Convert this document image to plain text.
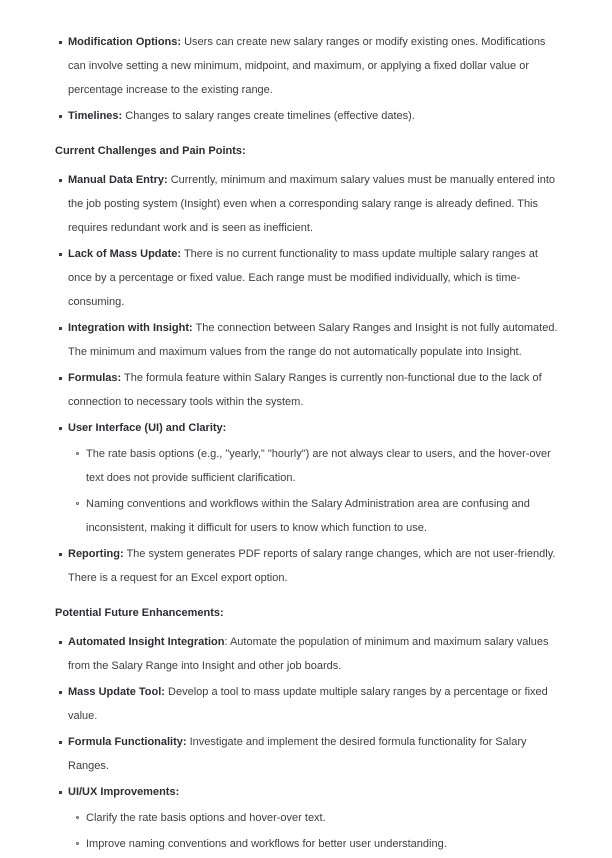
Modification Options: Users can create new salary ranges or modify existing ones. Modifications can involve setting a new minimum, midpoint, and maximum, or applying a fixed dollar value or percentage increase to the existing range.
Timelines: Changes to salary ranges create timelines (effective dates).
Current Challenges and Pain Points:
Manual Data Entry: Currently, minimum and maximum salary values must be manually entered into the job posting system (Insight) even when a corresponding salary range is already defined. This requires redundant work and is seen as inefficient.
Lack of Mass Update: There is no current functionality to mass update multiple salary ranges at once by a percentage or fixed value. Each range must be modified individually, which is time-consuming.
Integration with Insight: The connection between Salary Ranges and Insight is not fully automated. The minimum and maximum values from the range do not automatically populate into Insight.
Formulas: The formula feature within Salary Ranges is currently non-functional due to the lack of connection to necessary tools within the system.
User Interface (UI) and Clarity:
The rate basis options (e.g., "yearly," "hourly") are not always clear to users, and the hover-over text does not provide sufficient clarification.
Naming conventions and workflows within the Salary Administration area are confusing and inconsistent, making it difficult for users to know which function to use.
Reporting: The system generates PDF reports of salary range changes, which are not user-friendly. There is a request for an Excel export option.
Potential Future Enhancements:
Automated Insight Integration: Automate the population of minimum and maximum salary values from the Salary Range into Insight and other job boards.
Mass Update Tool: Develop a tool to mass update multiple salary ranges by a percentage or fixed value.
Formula Functionality: Investigate and implement the desired formula functionality for Salary Ranges.
UI/UX Improvements:
Clarify the rate basis options and hover-over text.
Improve naming conventions and workflows for better user understanding.
